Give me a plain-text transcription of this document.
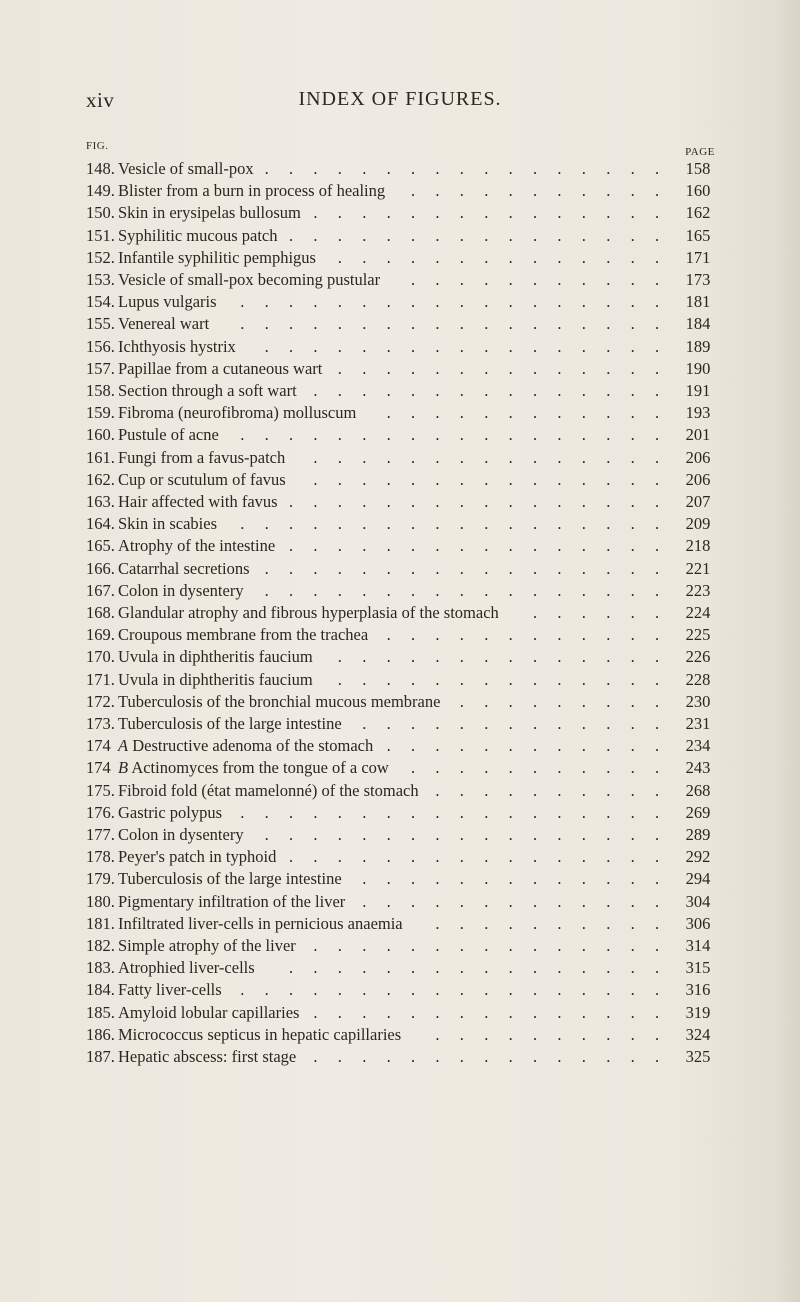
xiv	INDEX OF FIGURES.
FIG.	PAGE
148. Vesicle of small-pox	158
.
.
.
.
.
.
.
.
.
.
.
.
.
.
.
.
.
149. Blister from a burn in process of healing	160
.
.
.
.
.
.
.
.
.
.
.
150. Skin in erysipelas bullosum	162
.
.
.
.
.
.
.
.
.
.
.
.
.
.
.
151. Syphilitic mucous patch	165
.
.
.
.
.
.
.
.
.
.
.
.
.
.
.
.
152. Infantile syphilitic pemphigus	171
.
.
.
.
.
.
.
.
.
.
.
.
.
.
153. Vesicle of small-pox becoming pustular	173
.
.
.
.
.
.
.
.
.
.
.
154. Lupus vulgaris	181
.
.
.
.
.
.
.
.
.
.
.
.
.
.
.
.
.
.
155. Venereal wart	184
.
.
.
.
.
.
.
.
.
.
.
.
.
.
.
.
.
.
156. Ichthyosis hystrix	189
.
.
.
.
.
.
.
.
.
.
.
.
.
.
.
.
.
157. Papillae from a cutaneous wart	190
.
.
.
.
.
.
.
.
.
.
.
.
.
.
158. Section through a soft wart	191
.
.
.
.
.
.
.
.
.
.
.
.
.
.
.
159. Fibroma (neurofibroma) molluscum	193
.
.
.
.
.
.
.
.
.
.
.
.
160. Pustule of acne	201
.
.
.
.
.
.
.
.
.
.
.
.
.
.
.
.
.
.
161. Fungi from a favus-patch	206
.
.
.
.
.
.
.
.
.
.
.
.
.
.
.
162. Cup or scutulum of favus	206
.
.
.
.
.
.
.
.
.
.
.
.
.
.
.
163. Hair affected with favus	207
.
.
.
.
.
.
.
.
.
.
.
.
.
.
.
.
164. Skin in scabies	209
.
.
.
.
.
.
.
.
.
.
.
.
.
.
.
.
.
.
165. Atrophy of the intestine	218
.
.
.
.
.
.
.
.
.
.
.
.
.
.
.
.
166. Catarrhal secretions	221
.
.
.
.
.
.
.
.
.
.
.
.
.
.
.
.
.
167. Colon in dysentery	223
.
.
.
.
.
.
.
.
.
.
.
.
.
.
.
.
.
168. Glandular atrophy and fibrous hyperplasia of the stomach	224
.
.
.
.
.
.
169. Croupous membrane from the trachea	225
.
.
.
.
.
.
.
.
.
.
.
.
170. Uvula in diphtheritis faucium	226
.
.
.
.
.
.
.
.
.
.
.
.
.
.
171. Uvula in diphtheritis faucium	228
.
.
.
.
.
.
.
.
.
.
.
.
.
.
172. Tuberculosis of the bronchial mucous membrane	230
.
.
.
.
.
.
.
.
.
173. Tuberculosis of the large intestine	231
.
.
.
.
.
.
.
.
.
.
.
.
.
174 A Destructive adenoma of the stomach	234
.
.
.
.
.
.
.
.
.
.
.
.
174 B Actinomyces from the tongue of a cow	243
.
.
.
.
.
.
.
.
.
.
.
175. Fibroid fold (état mamelonné) of the stomach	268
.
.
.
.
.
.
.
.
.
.
176. Gastric polypus	269
.
.
.
.
.
.
.
.
.
.
.
.
.
.
.
.
.
.
177. Colon in dysentery	289
.
.
.
.
.
.
.
.
.
.
.
.
.
.
.
.
.
178. Peyer's patch in typhoid	292
.
.
.
.
.
.
.
.
.
.
.
.
.
.
.
.
179. Tuberculosis of the large intestine	294
.
.
.
.
.
.
.
.
.
.
.
.
.
180. Pigmentary infiltration of the liver	304
.
.
.
.
.
.
.
.
.
.
.
.
.
181. Infiltrated liver-cells in pernicious anaemia	306
.
.
.
.
.
.
.
.
.
.
182. Simple atrophy of the liver	314
.
.
.
.
.
.
.
.
.
.
.
.
.
.
.
183. Atrophied liver-cells	315
.
.
.
.
.
.
.
.
.
.
.
.
.
.
.
.
184. Fatty liver-cells	316
.
.
.
.
.
.
.
.
.
.
.
.
.
.
.
.
.
.
185. Amyloid lobular capillaries	319
.
.
.
.
.
.
.
.
.
.
.
.
.
.
.
186. Micrococcus septicus in hepatic capillaries	324
.
.
.
.
.
.
.
.
.
.
187. Hepatic abscess: first stage	325
.
.
.
.
.
.
.
.
.
.
.
.
.
.
.
